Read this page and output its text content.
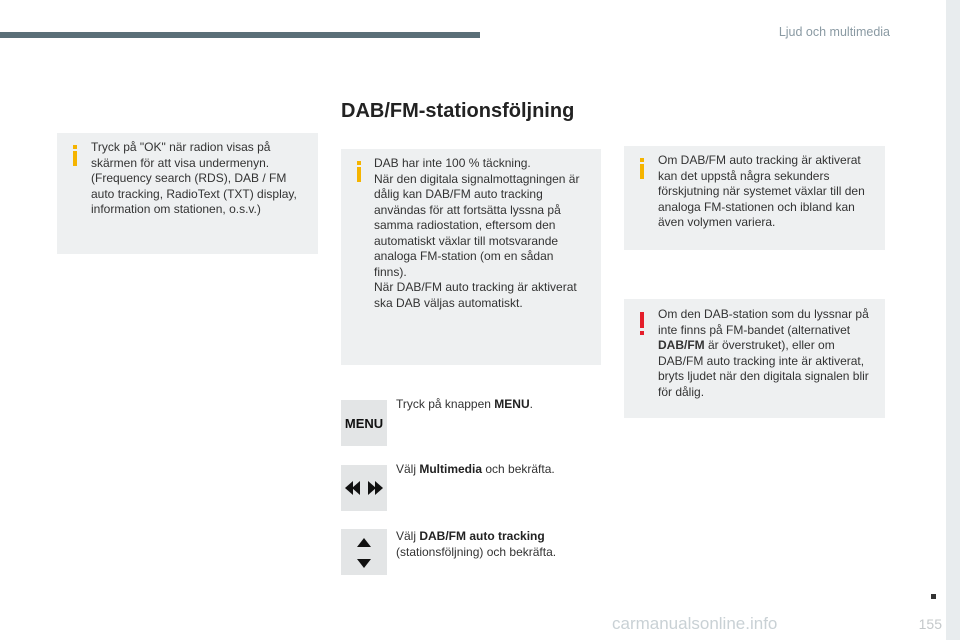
Ljud och multimedia
DAB/FM-stationsföljning

Tryck på "OK" när radion visas på skärmen för att visa undermenyn. (Frequency search (RDS), DAB / FM auto tracking, RadioText (TXT) display, information om stationen, o.s.v.)

DAB har inte 100 % täckning.

När den digitala signalmottagningen är dålig kan DAB/FM auto tracking användas för att fortsätta lyssna på samma radiostation, eftersom den automatiskt växlar till motsvarande analoga FM-station (om en sådan finns).

När DAB/FM auto tracking är aktiverat ska DAB väljas automatiskt.

Om DAB/FM auto tracking är aktiverat kan det uppstå några sekunders förskjutning när systemet växlar till den analoga FM-stationen och ibland kan även volymen variera.

Om den DAB-station som du lyssnar på inte finns på FM-bandet (alternativet DAB/FM är överstruket), eller om DAB/FM auto tracking inte är aktiverat, bryts ljudet när den digitala signalen blir för dålig.

MENU
Tryck på knappen MENU.
Välj Multimedia och bekräfta.
Välj DAB/FM auto tracking (stationsföljning) och bekräfta.
155
carmanualsonline.info
